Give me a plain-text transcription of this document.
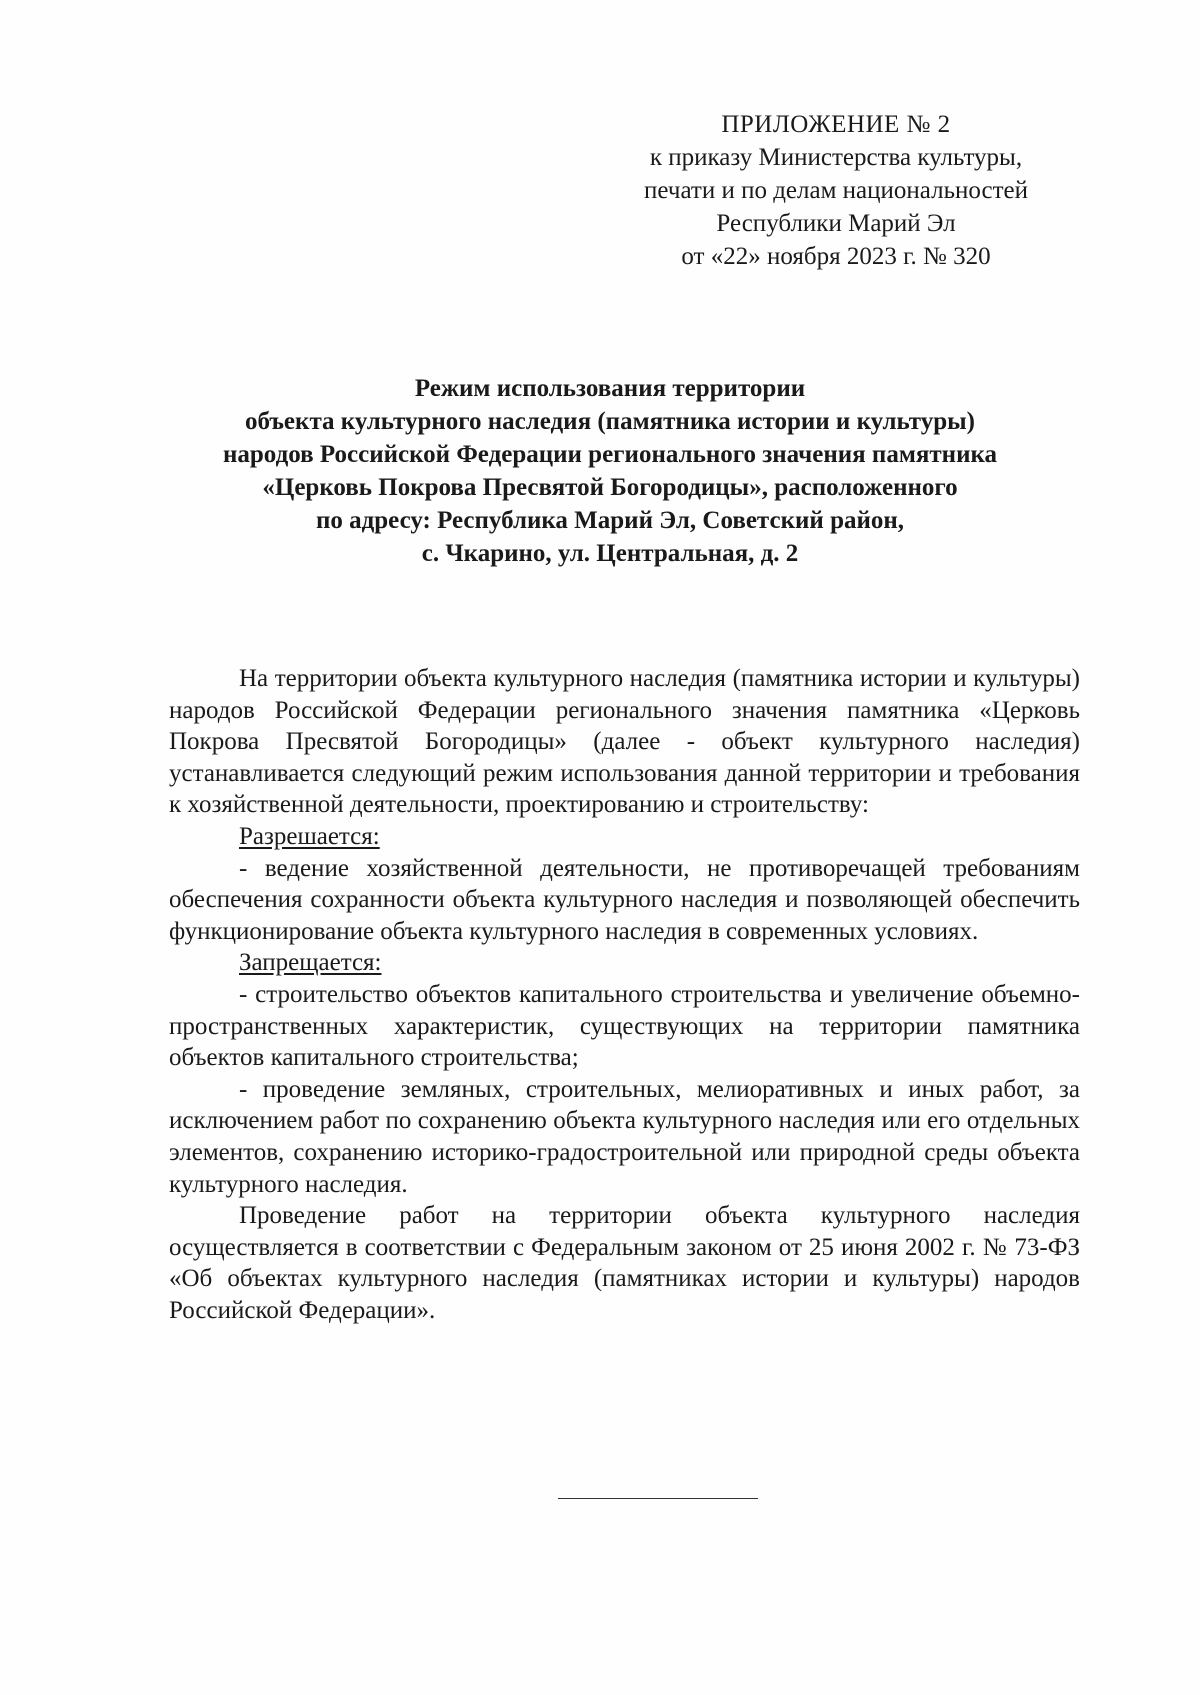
ПРИЛОЖЕНИЕ № 2
к приказу Министерства культуры,
печати и по делам национальностей
Республики Марий Эл
от «22» ноября 2023 г. № 320
Режим использования территории
объекта культурного наследия (памятника истории и культуры)
народов Российской Федерации регионального значения памятника
«Церковь Покрова Пресвятой Богородицы», расположенного
по адресу: Республика Марий Эл, Советский район,
с. Чкарино, ул. Центральная, д. 2

На территории объекта культурного наследия (памятника истории и культуры) народов Российской Федерации регионального значения памятника «Церковь Покрова Пресвятой Богородицы» (далее - объект культурного наследия) устанавливается следующий режим использования данной территории и требования к хозяйственной деятельности, проектированию и строительству:

Разрешается:

- ведение хозяйственной деятельности, не противоречащей требованиям обеспечения сохранности объекта культурного наследия и позволяющей обеспечить функционирование объекта культурного наследия в современных условиях.

Запрещается:

- строительство объектов капитального строительства и увеличение объемно-пространственных характеристик, существующих на территории памятника объектов капитального строительства;

- проведение земляных, строительных, мелиоративных и иных работ, за исключением работ по сохранению объекта культурного наследия или его отдельных элементов, сохранению историко-градостроительной или природной среды объекта культурного наследия.

Проведение работ на территории объекта культурного наследия осуществляется в соответствии с Федеральным законом от 25 июня 2002 г. № 73-ФЗ «Об объектах культурного наследия (памятниках истории и культуры) народов Российской Федерации».
